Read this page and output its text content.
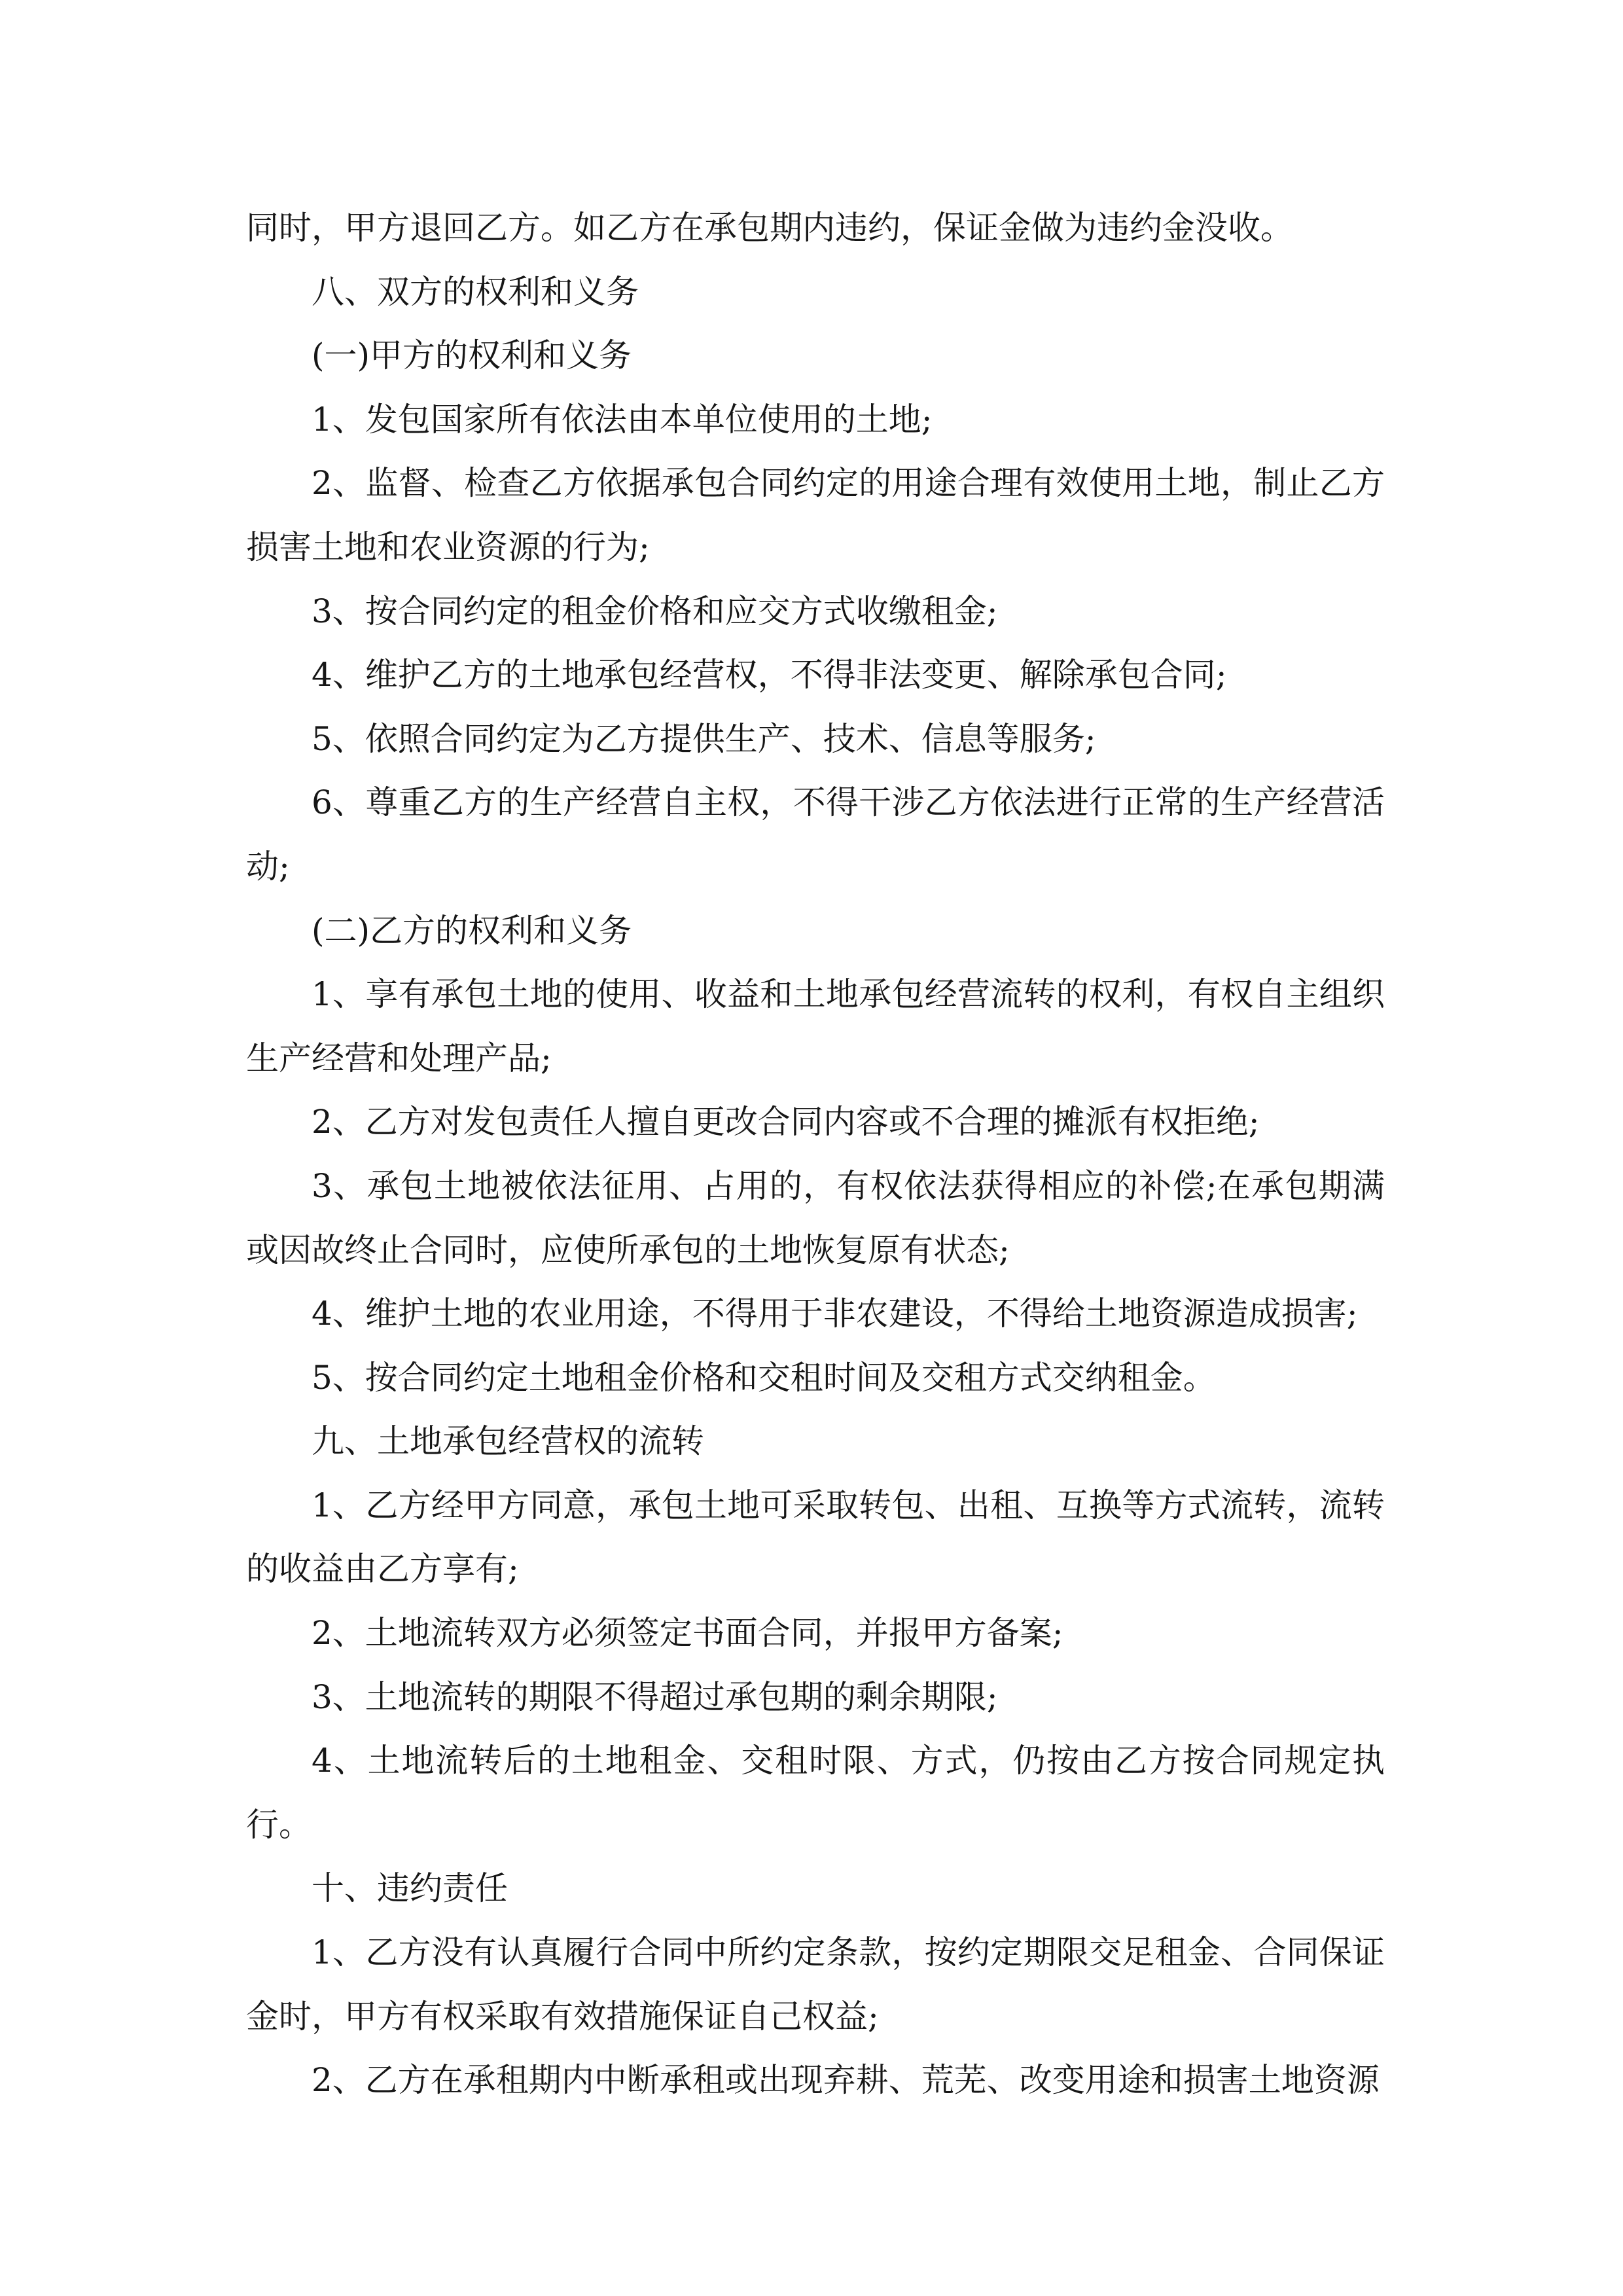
同时，甲方退回乙方。如乙方在承包期内违约，保证金做为违约金没收。

八、双方的权利和义务

(一)甲方的权利和义务

1、发包国家所有依法由本单位使用的土地;

2、监督、检查乙方依据承包合同约定的用途合理有效使用土地，制止乙方损害土地和农业资源的行为;

3、按合同约定的租金价格和应交方式收缴租金;

4、维护乙方的土地承包经营权，不得非法变更、解除承包合同;

5、依照合同约定为乙方提供生产、技术、信息等服务;

6、尊重乙方的生产经营自主权，不得干涉乙方依法进行正常的生产经营活动;

(二)乙方的权利和义务

1、享有承包土地的使用、收益和土地承包经营流转的权利，有权自主组织生产经营和处理产品;

2、乙方对发包责任人擅自更改合同内容或不合理的摊派有权拒绝;

3、承包土地被依法征用、占用的，有权依法获得相应的补偿;在承包期满或因故终止合同时，应使所承包的土地恢复原有状态;

4、维护土地的农业用途，不得用于非农建设，不得给土地资源造成损害;

5、按合同约定土地租金价格和交租时间及交租方式交纳租金。

九、土地承包经营权的流转

1、乙方经甲方同意，承包土地可采取转包、出租、互换等方式流转，流转的收益由乙方享有;

2、土地流转双方必须签定书面合同，并报甲方备案;

3、土地流转的期限不得超过承包期的剩余期限;

4、土地流转后的土地租金、交租时限、方式，仍按由乙方按合同规定执行。

十、违约责任

1、乙方没有认真履行合同中所约定条款，按约定期限交足租金、合同保证金时，甲方有权采取有效措施保证自己权益;

2、乙方在承租期内中断承租或出现弃耕、荒芜、改变用途和损害土地资源
